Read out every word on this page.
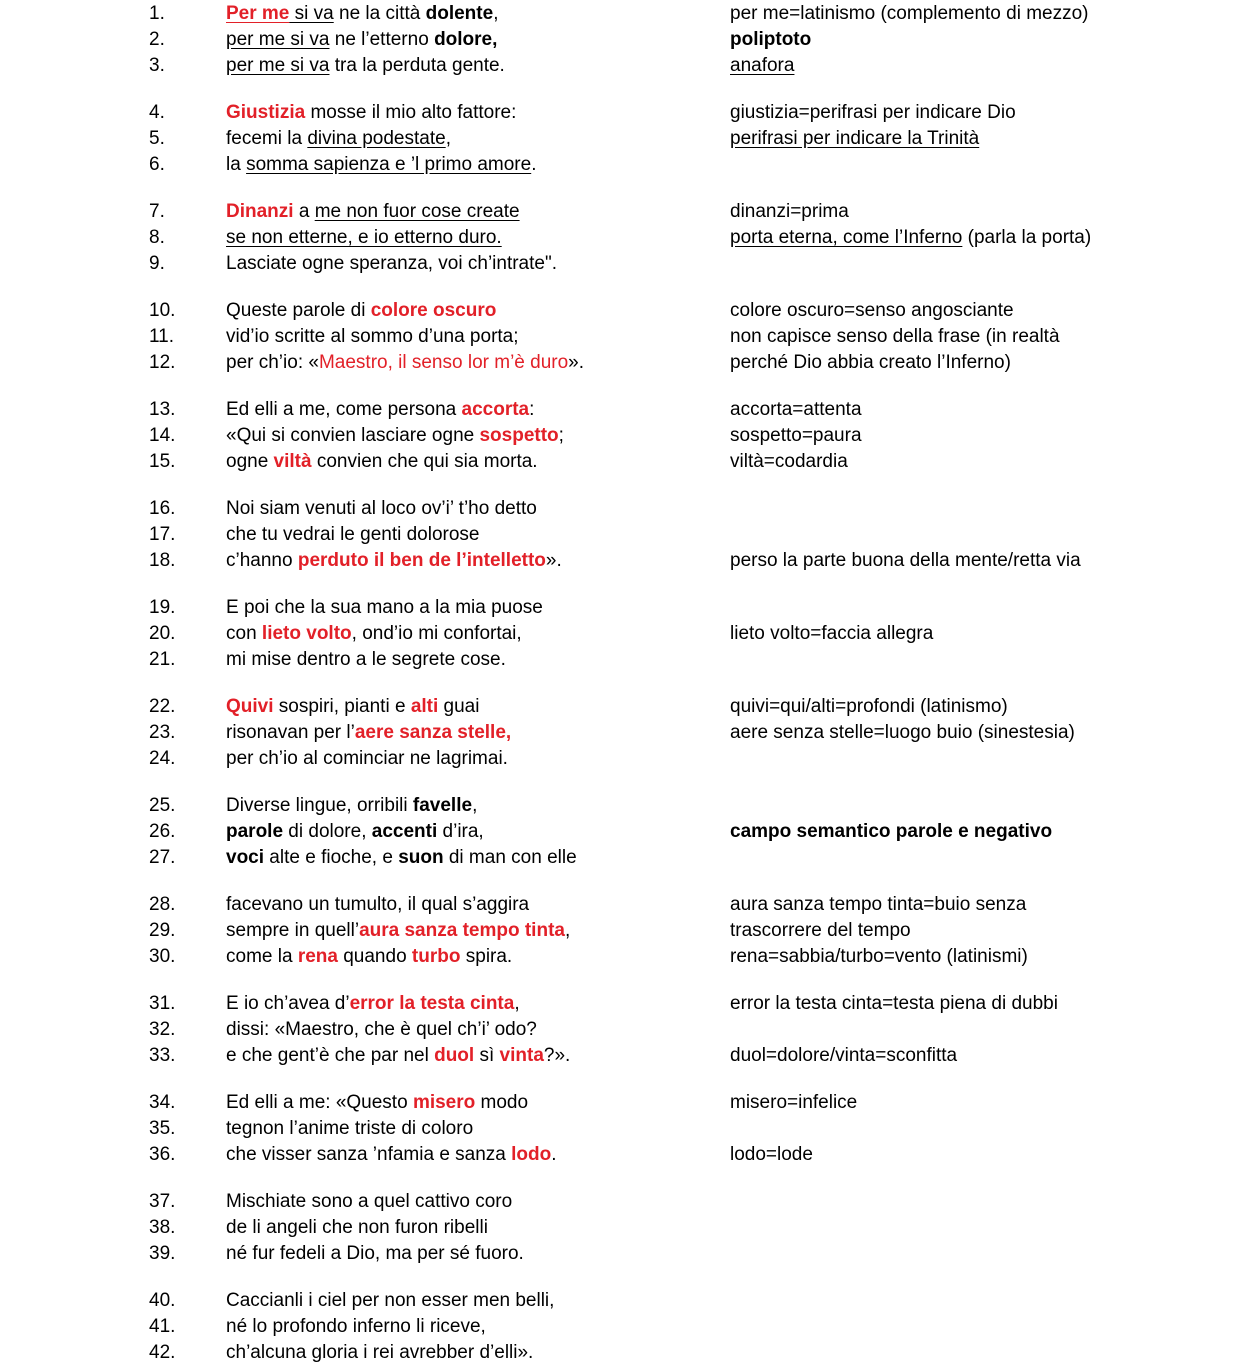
1.	Per me si va ne la città dolente,	per me=latinismo (complemento di mezzo)
2.	per me si va ne l’etterno dolore,	poliptoto
3.	per me si va tra la perduta gente.	anafora
4.	Giustizia mosse il mio alto fattore:	giustizia=perifrasi per indicare Dio
5.	fecemi la divina podestate,	perifrasi per indicare la Trinità
6.	la somma sapienza e ’l primo amore.
7.	Dinanzi a me non fuor cose create	dinanzi=prima
8.	se non etterne, e io etterno duro.	porta eterna, come l’Inferno (parla la porta)
9.	Lasciate ogne speranza, voi ch’intrate".
10.	Queste parole di colore oscuro	colore oscuro=senso angosciante
11.	vid’io scritte al sommo d’una porta;	non capisce senso della frase (in realtà
12.	per ch’io: «Maestro, il senso lor m’è duro».	perché Dio abbia creato l’Inferno)
13.	Ed elli a me, come persona accorta:	accorta=attenta
14.	«Qui si convien lasciare ogne sospetto;	sospetto=paura
15.	ogne viltà convien che qui sia morta.	viltà=codardia
16.	Noi siam venuti al loco ov’i’ t’ho detto
17.	che tu vedrai le genti dolorose
18.	c’hanno perduto il ben de l’intelletto».	perso la parte buona della mente/retta via
19.	E poi che la sua mano a la mia puose
20.	con lieto volto, ond’io mi confortai,	lieto volto=faccia allegra
21.	mi mise dentro a le segrete cose.
22.	Quivi sospiri, pianti e alti guai	quivi=qui/alti=profondi (latinismo)
23.	risonavan per l’aere sanza stelle,	aere senza stelle=luogo buio (sinestesia)
24.	per ch’io al cominciar ne lagrimai.
25.	Diverse lingue, orribili favelle,
26.	parole di dolore, accenti d’ira,	campo semantico parole e negativo
27.	voci alte e fioche, e suon di man con elle
28.	facevano un tumulto, il qual s’aggira	aura sanza tempo tinta=buio senza
29.	sempre in quell’aura sanza tempo tinta,	trascorrere del tempo
30.	come la rena quando turbo spira.	rena=sabbia/turbo=vento (latinismi)
31.	E io ch’avea d’error la testa cinta,	error la testa cinta=testa piena di dubbi
32.	dissi: «Maestro, che è quel ch’i’ odo?
33.	e che gent’è che par nel duol sì vinta?».	duol=dolore/vinta=sconfitta
34.	Ed elli a me: «Questo misero modo	misero=infelice
35.	tegnon l’anime triste di coloro
36.	che visser sanza ’nfamia e sanza lodo.	lodo=lode
37.	Mischiate sono a quel cattivo coro
38.	de li angeli che non furon ribelli
39.	né fur fedeli a Dio, ma per sé fuoro.
40.	Caccianli i ciel per non esser men belli,
41.	né lo profondo inferno li riceve,
42.	ch’alcuna gloria i rei avrebber d’elli».
